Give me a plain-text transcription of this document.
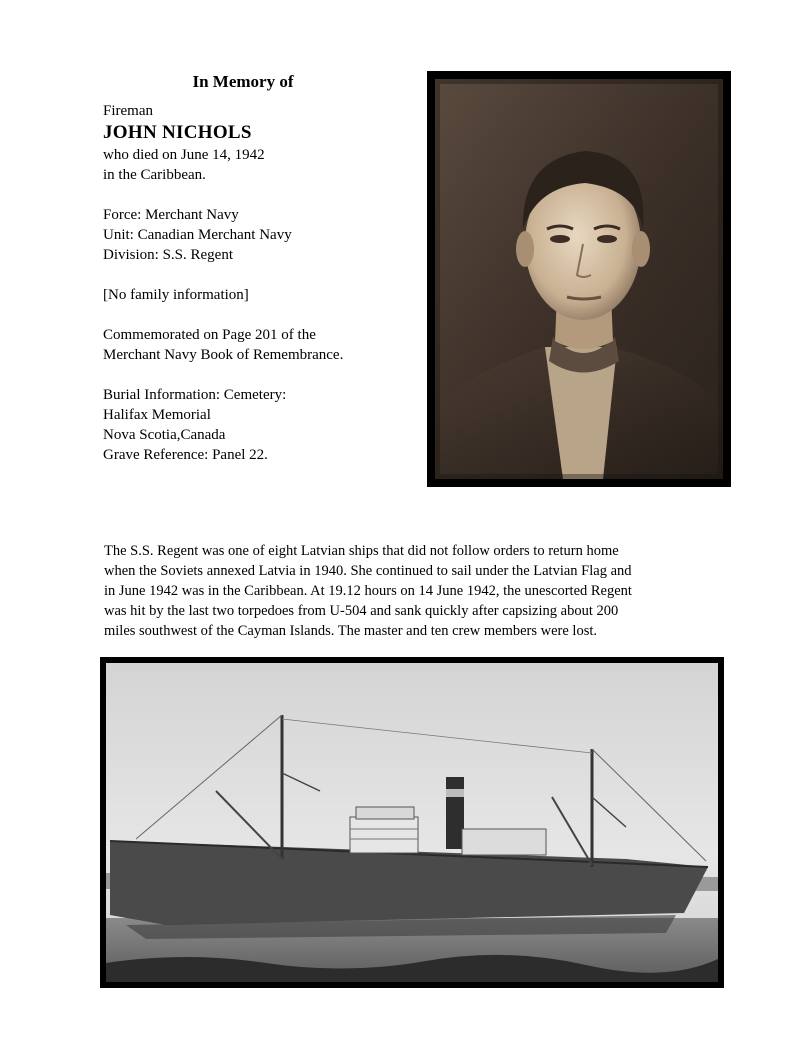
In Memory of
Fireman
JOHN NICHOLS
who died on June 14, 1942
in the Caribbean.
Force: Merchant Navy
Unit: Canadian Merchant Navy
Division: S.S. Regent
[No family information]
Commemorated on Page 201 of the
Merchant Navy Book of Remembrance.
Burial Information: Cemetery:
Halifax Memorial
Nova Scotia,Canada
Grave Reference: Panel 22.
The S.S. Regent was one of eight Latvian ships that did not follow orders to return home
when the Soviets annexed Latvia in 1940. She continued to sail under the Latvian Flag and
in June 1942 was in the Caribbean. At 19.12 hours on 14 June 1942, the unescorted Regent
was hit by the last two torpedoes from U-504 and sank quickly after capsizing about 200
miles southwest of the Cayman Islands. The master and ten crew members were lost.
